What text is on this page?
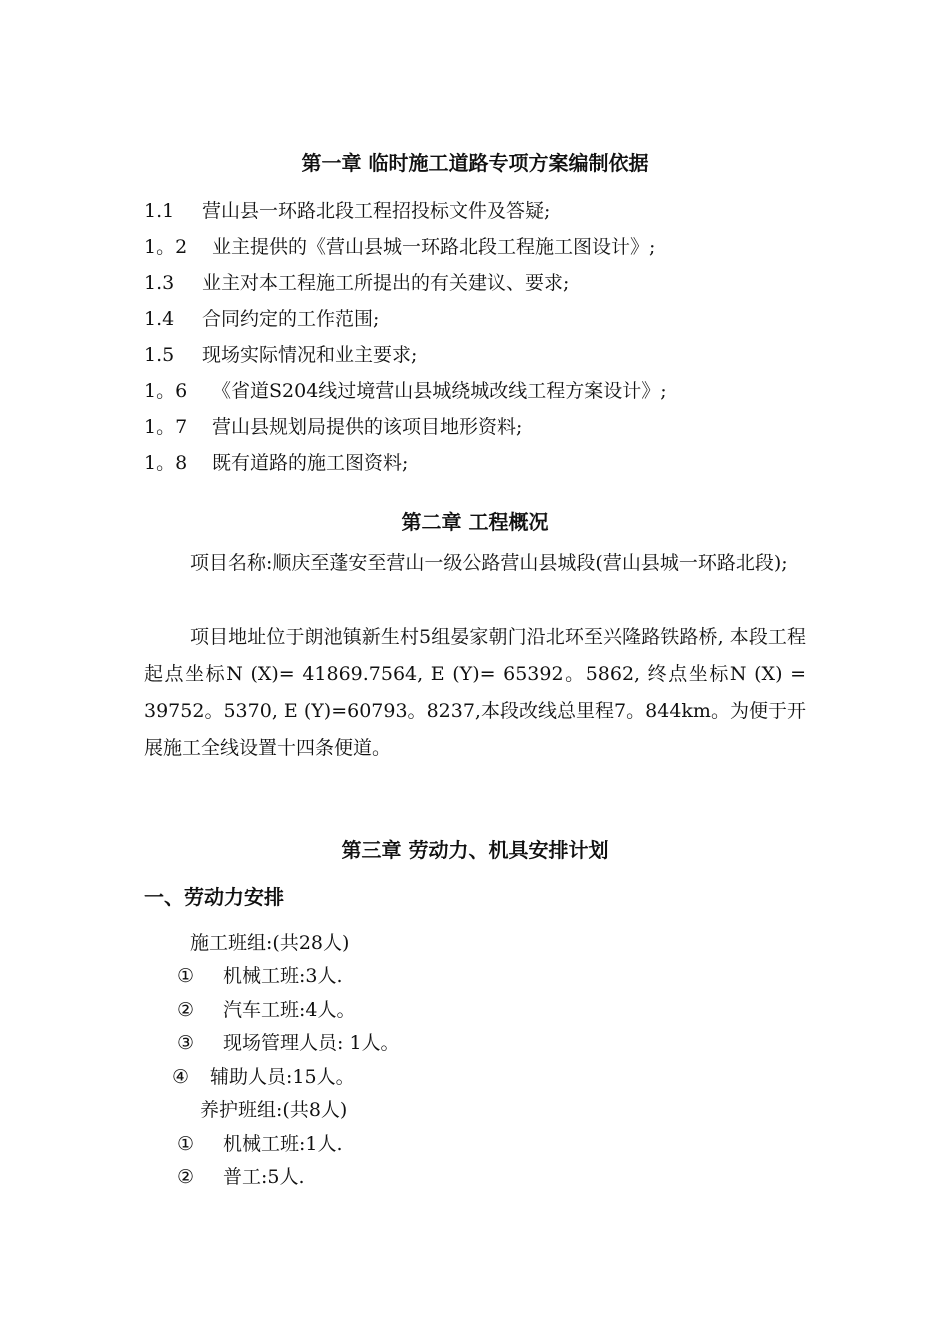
第一章 临时施工道路专项方案编制依据
1.1 营山县一环路北段工程招投标文件及答疑;
1。2 业主提供的《营山县城一环路北段工程施工图设计》;
1.3 业主对本工程施工所提出的有关建议、要求;
1.4 合同约定的工作范围;
1.5 现场实际情况和业主要求;
1。6 《省道S204线过境营山县城绕城改线工程方案设计》;
1。7 营山县规划局提供的该项目地形资料;
1。8 既有道路的施工图资料;
第二章 工程概况
项目名称:顺庆至蓬安至营山一级公路营山县城段(营山县城一环路北段);
项目地址位于朗池镇新生村5组晏家朝门沿北环至兴隆路铁路桥, 本段工程起点坐标N (X)= 41869.7564, E (Y)= 65392。5862, 终点坐标N (X) = 39752。5370, E (Y)=60793。8237,本段改线总里程7。844km。为便于开展施工全线设置十四条便道。
第三章 劳动力、机具安排计划
一、劳动力安排
施工班组:(共28人)
① 机械工班:3人.
② 汽车工班:4人。
③ 现场管理人员: 1人。
④ 辅助人员:15人。
养护班组:(共8人)
① 机械工班:1人.
② 普工:5人.
